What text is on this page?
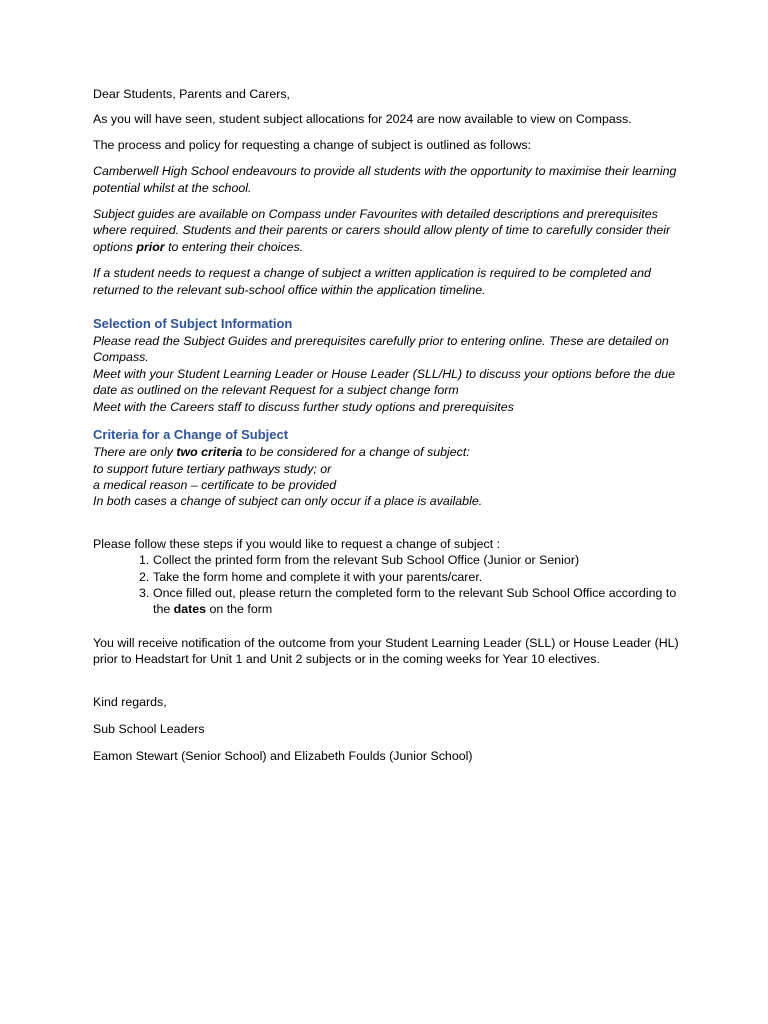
Dear Students, Parents and Carers,

As you will have seen, student subject allocations for 2024 are now available to view on Compass.

The process and policy for requesting a change of subject is outlined as follows:

Camberwell High School endeavours to provide all students with the opportunity to maximise their learning potential whilst at the school.

Subject guides are available on Compass under Favourites with detailed descriptions and prerequisites where required. Students and their parents or carers should allow plenty of time to carefully consider their options prior to entering their choices.

If a student needs to request a change of subject a written application is required to be completed and returned to the relevant sub-school office within the application timeline.

Selection of Subject Information

Please read the Subject Guides and prerequisites carefully prior to entering online. These are detailed on Compass.

Meet with your Student Learning Leader or House Leader (SLL/HL) to discuss your options before the due date as outlined on the relevant Request for a subject change form

Meet with the Careers staff to discuss further study options and prerequisites

Criteria for a Change of Subject

There are only two criteria to be considered for a change of subject:

to support future tertiary pathways study; or

a medical reason – certificate to be provided

In both cases a change of subject can only occur if a place is available.

Please follow these steps if you would like to request a change of subject :

1. Collect the printed form from the relevant Sub School Office (Junior or Senior)
2. Take the form home and complete it with your parents/carer.
3. Once filled out, please return the completed form to the relevant Sub School Office according to the dates on the form

You will receive notification of the outcome from your Student Learning Leader (SLL) or House Leader (HL) prior to Headstart for Unit 1 and Unit 2 subjects or in the coming weeks for Year 10 electives.

Kind regards,

Sub School Leaders

Eamon Stewart (Senior School) and Elizabeth Foulds (Junior School)
